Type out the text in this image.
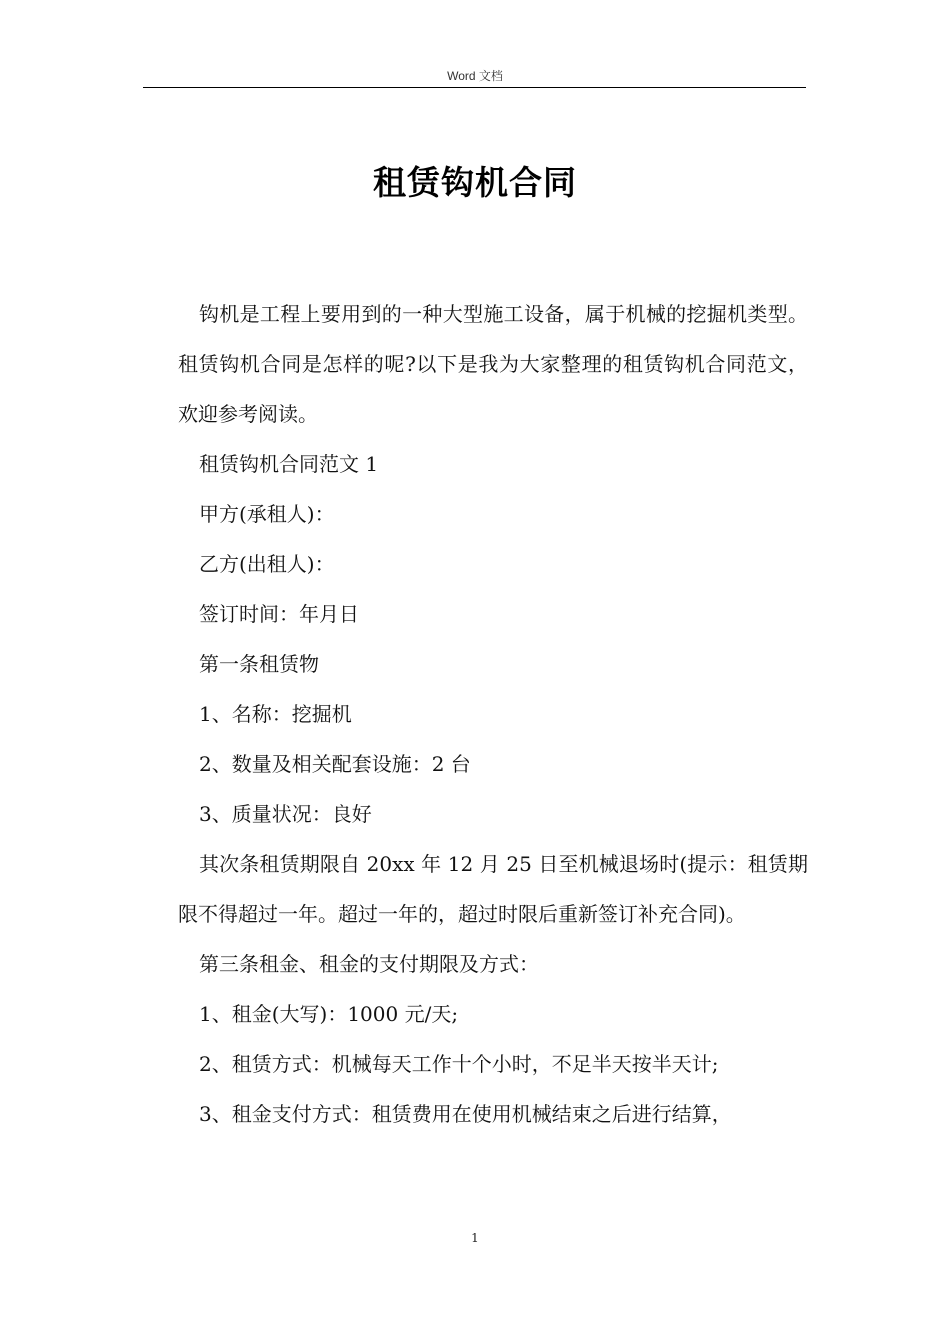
Word 文档
租赁钩机合同

钩机是工程上要用到的一种大型施工设备，属于机械的挖掘机类型。租赁钩机合同是怎样的呢?以下是我为大家整理的租赁钩机合同范文，欢迎参考阅读。

租赁钩机合同范文 1

甲方(承租人)：

乙方(出租人)：

签订时间：年月日

第一条租赁物

1、名称：挖掘机

2、数量及相关配套设施：2 台

3、质量状况：良好

其次条租赁期限自 20xx 年 12 月 25 日至机械退场时(提示：租赁期限不得超过一年。超过一年的，超过时限后重新签订补充合同)。

第三条租金、租金的支付期限及方式：

1、租金(大写)：1000 元/天;

2、租赁方式：机械每天工作十个小时，不足半天按半天计;

3、租金支付方式：租赁费用在使用机械结束之后进行结算，

1
